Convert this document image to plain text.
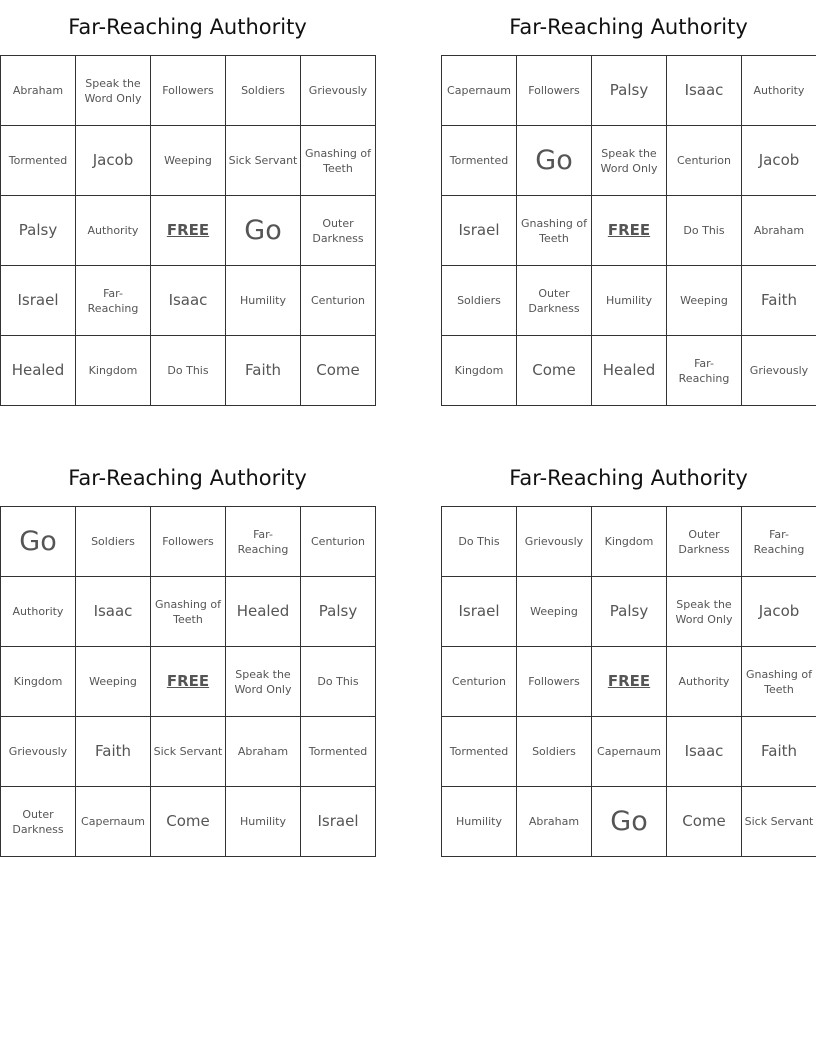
Far-Reaching Authority
Abraham	Speak the Word Only	Followers	Soldiers	Grievously
Tormented	Jacob	Weeping	Sick Servant	Gnashing of Teeth
Palsy	Authority	FREE	Go	Outer Darkness
Israel	Far-Reaching	Isaac	Humility	Centurion
Healed	Kingdom	Do This	Faith	Come
Far-Reaching Authority
Capernaum	Followers	Palsy	Isaac	Authority
Tormented	Go	Speak the Word Only	Centurion	Jacob
Israel	Gnashing of Teeth	FREE	Do This	Abraham
Soldiers	Outer Darkness	Humility	Weeping	Faith
Kingdom	Come	Healed	Far-Reaching	Grievously
Far-Reaching Authority
Go	Soldiers	Followers	Far-Reaching	Centurion
Authority	Isaac	Gnashing of Teeth	Healed	Palsy
Kingdom	Weeping	FREE	Speak the Word Only	Do This
Grievously	Faith	Sick Servant	Abraham	Tormented
Outer Darkness	Capernaum	Come	Humility	Israel
Far-Reaching Authority
Do This	Grievously	Kingdom	Outer Darkness	Far-Reaching
Israel	Weeping	Palsy	Speak the Word Only	Jacob
Centurion	Followers	FREE	Authority	Gnashing of Teeth
Tormented	Soldiers	Capernaum	Isaac	Faith
Humility	Abraham	Go	Come	Sick Servant
